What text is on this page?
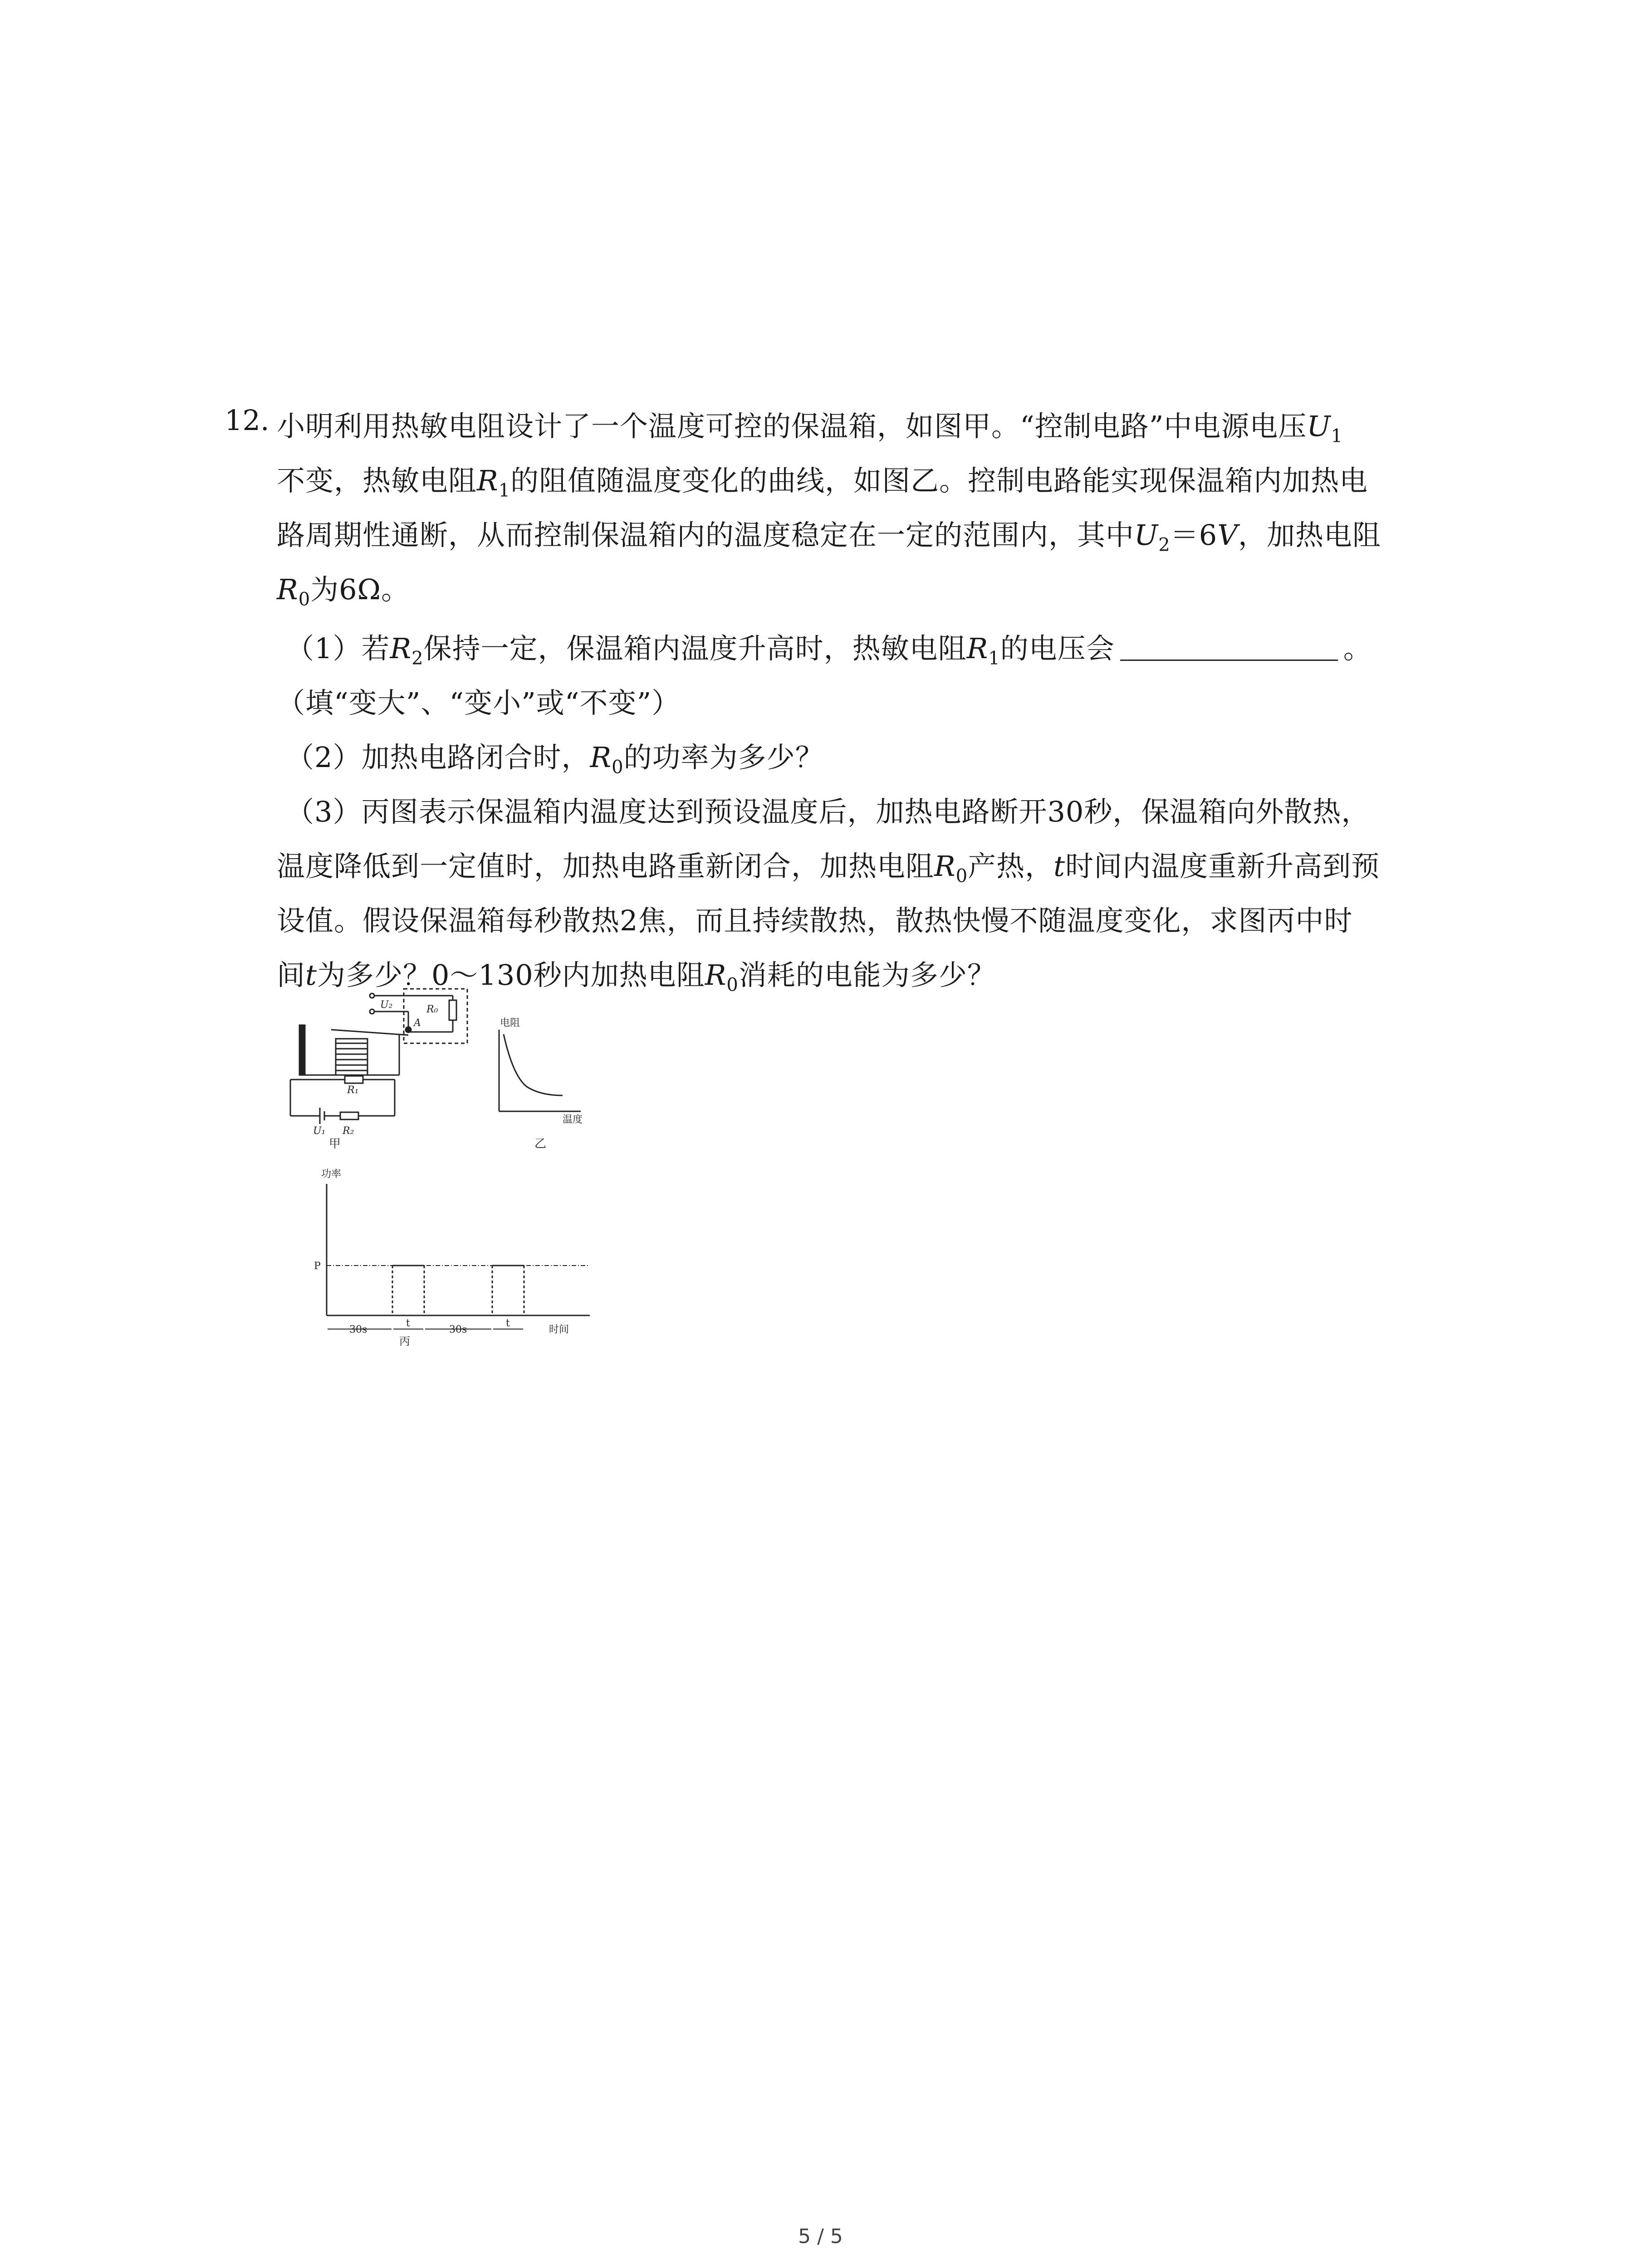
12. 小明利用热敏电阻设计了一个温度可控的保温箱，如图甲。“控制电路”中电源电压$U_1$
不变，热敏电阻$R_1$的阻值随温度变化的曲线，如图乙。控制电路能实现保温箱内加热电
路周期性通断，从而控制保温箱内的温度稳定在一定的范围内，其中$U_2=6V$，加热电阻
$R_0$为6Ω。
（1）若$R_2$保持一定，保温箱内温度升高时，热敏电阻$R_1$的电压会	。
（填“变大”、“变小”或“不变”）
（2）加热电路闭合时，$R_0$的功率为多少？
（3）丙图表示保温箱内温度达到预设温度后，加热电路断开30秒，保温箱向外散热，
温度降低到一定值时，加热电路重新闭合，加热电阻$R_0$产热，t时间内温度重新升高到预
设值。假设保温箱每秒散热2焦，而且持续散热，散热快慢不随温度变化，求图丙中时
间t为多少？0～130秒内加热电阻$R_0$消耗的电能为多少？
U₂	R₀
A
R₁
U₁ R₂
甲
电阻
温度
乙
功率
P
30s
t
30s
t
时间
丙
5 / 5
